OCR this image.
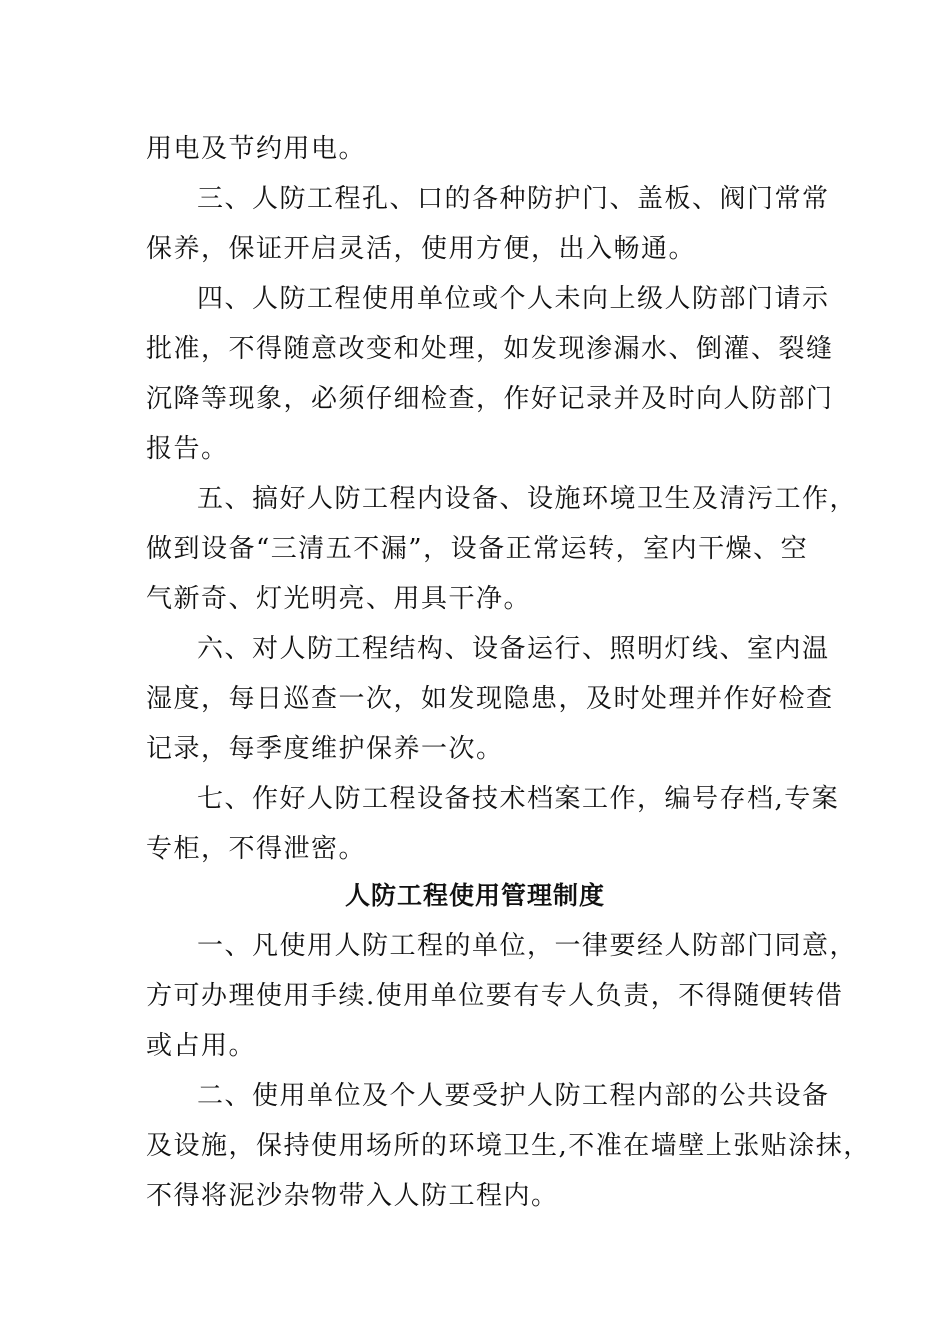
用电及节约用电。
三、人防工程孔、口的各种防护门、盖板、阀门常常
保养，保证开启灵活，使用方便，出入畅通。
四、人防工程使用单位或个人未向上级人防部门请示
批准，不得随意改变和处理，如发现渗漏水、倒灌、裂缝
沉降等现象，必须仔细检查，作好记录并及时向人防部门
报告。
五、搞好人防工程内设备、设施环境卫生及清污工作，
做到设备“三清五不漏”，设备正常运转，室内干燥、空
气新奇、灯光明亮、用具干净。
六、对人防工程结构、设备运行、照明灯线、室内温
湿度，每日巡查一次，如发现隐患，及时处理并作好检查
记录，每季度维护保养一次。
七、作好人防工程设备技术档案工作，编号存档,专案
专柜，不得泄密。
人防工程使用管理制度
一、凡使用人防工程的单位，一律要经人防部门同意，
方可办理使用手续.使用单位要有专人负责，不得随便转借
或占用。
二、使用单位及个人要受护人防工程内部的公共设备
及设施，保持使用场所的环境卫生,不准在墙壁上张贴涂抹，
不得将泥沙杂物带入人防工程内。
